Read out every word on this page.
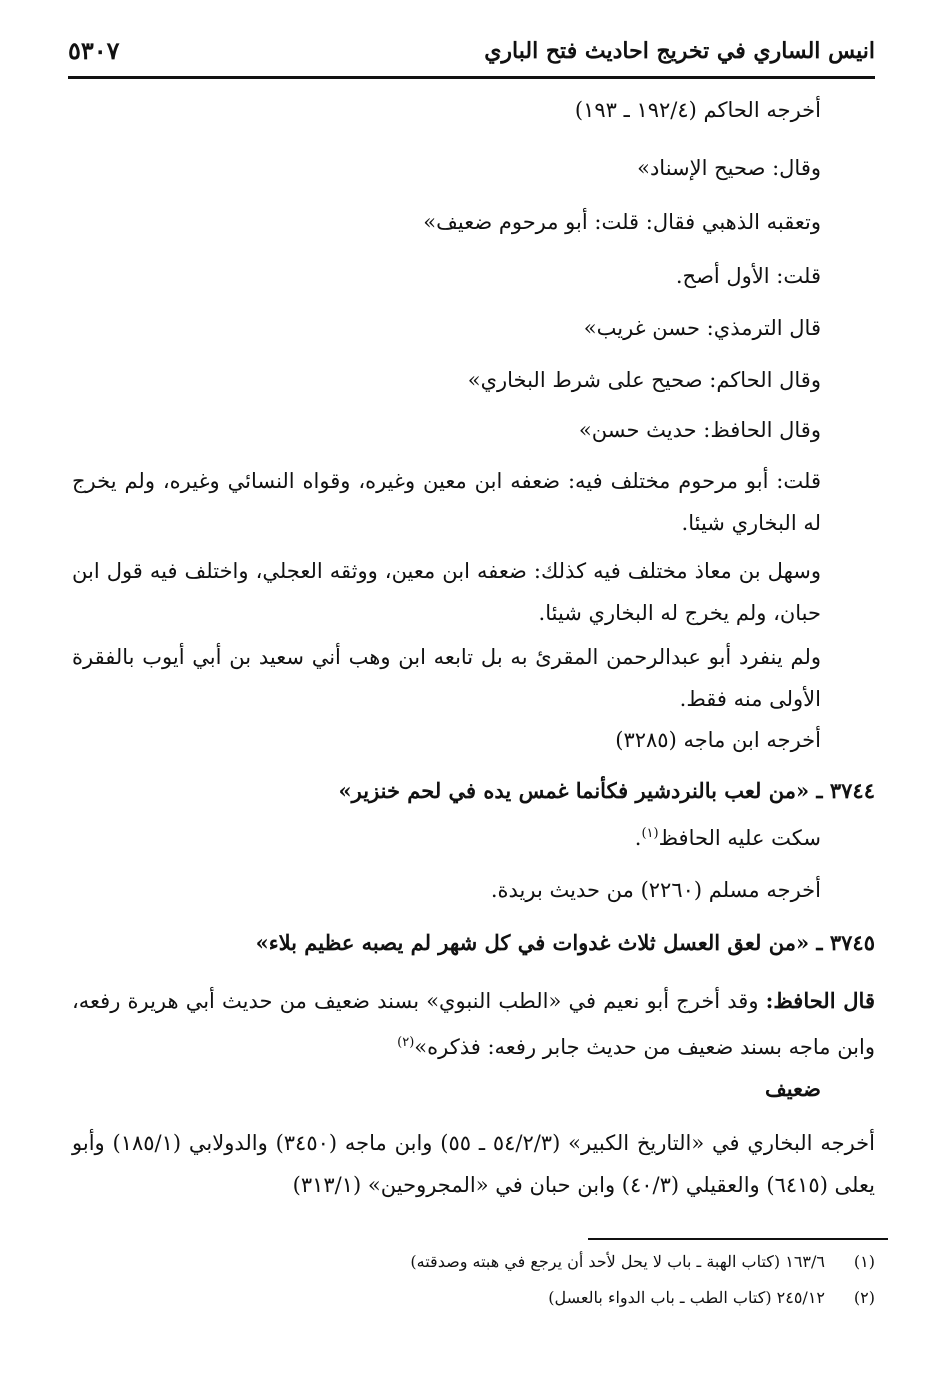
انيس الساري في تخريج احاديث فتح الباري
٥٣٠٧
أخرجه الحاكم (١٩٢/٤ ـ ١٩٣)
وقال: صحيح الإسناد»
وتعقبه الذهبي فقال: قلت: أبو مرحوم ضعيف»
قلت: الأول أصح.
قال الترمذي: حسن غريب»
وقال الحاكم: صحيح على شرط البخاري»
وقال الحافظ: حديث حسن»
قلت: أبو مرحوم مختلف فيه: ضعفه ابن معين وغيره، وقواه النسائي وغيره، ولم يخرج له البخاري شيئا.
وسهل بن معاذ مختلف فيه كذلك: ضعفه ابن معين، ووثقه العجلي، واختلف فيه قول ابن حبان، ولم يخرج له البخاري شيئا.
ولم ينفرد أبو عبدالرحمن المقرئ به بل تابعه ابن وهب أني سعيد بن أبي أيوب بالفقرة الأولى منه فقط.
أخرجه ابن ماجه (٣٢٨٥)
٣٧٤٤ ـ «من لعب بالنردشير فكأنما غمس يده في لحم خنزير»
سكت عليه الحافظ$^{(١)}$.
أخرجه مسلم (٢٢٦٠) من حديث بريدة.
٣٧٤٥ ـ «من لعق العسل ثلاث غدوات في كل شهر لم يصبه عظيم بلاء»
قال الحافظ: وقد أخرج أبو نعيم في «الطب النبوي» بسند ضعيف من حديث أبي هريرة رفعه، وابن ماجه بسند ضعيف من حديث جابر رفعه: فذكره»$^{(٢)}$
ضعيف
أخرجه البخاري في «التاريخ الكبير» (٥٤/٢/٣ ـ ٥٥) وابن ماجه (٣٤٥٠) والدولابي (١٨٥/١) وأبو يعلى (٦٤١٥) والعقيلي (٤٠/٣) وابن حبان في «المجروحين» (٣١٣/١)
(١)١٦٣/٦ (كتاب الهبة ـ باب لا يحل لأحد أن يرجع في هبته وصدقته)
(٢)٢٤٥/١٢ (كتاب الطب ـ باب الدواء بالعسل)
